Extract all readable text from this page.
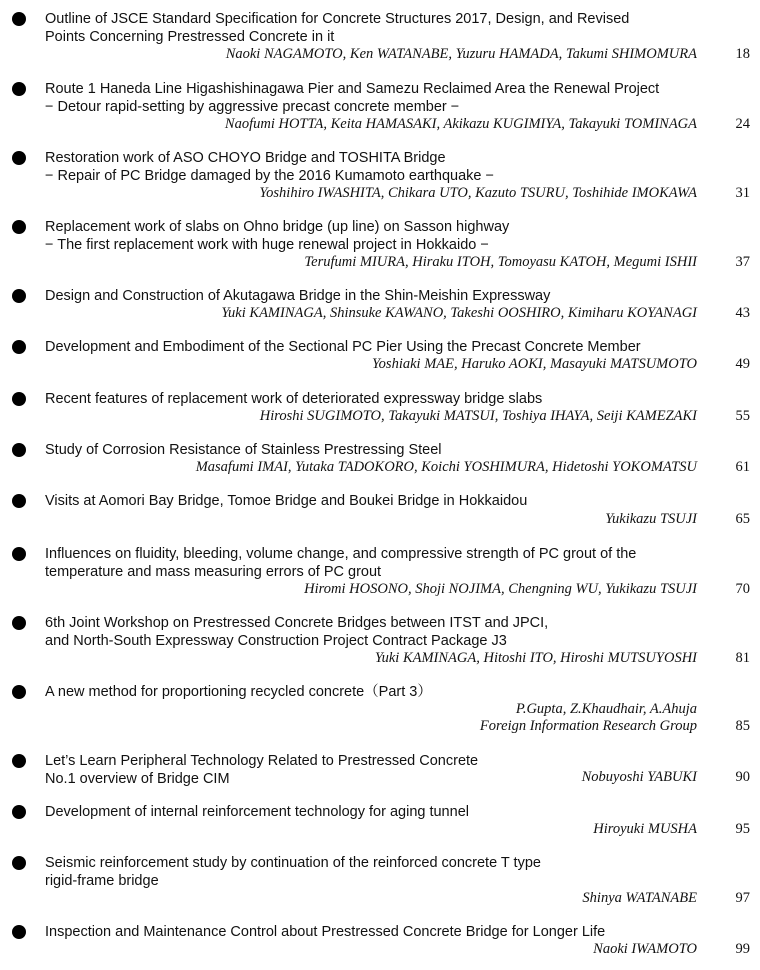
Outline of JSCE Standard Specification for Concrete Structures 2017, Design, and Revised
Points Concerning Prestressed Concrete in it
Naoki NAGAMOTO, Ken WATANABE, Yuzuru HAMADA, Takumi SHIMOMURA	18
Route 1 Haneda Line Higashishinagawa Pier and Samezu Reclaimed Area the Renewal Project
− Detour rapid-setting by aggressive precast concrete member −
Naofumi HOTTA, Keita HAMASAKI, Akikazu KUGIMIYA, Takayuki TOMINAGA	24
Restoration work of ASO CHOYO Bridge and TOSHITA Bridge
− Repair of PC Bridge damaged by the 2016 Kumamoto earthquake −
Yoshihiro IWASHITA, Chikara UTO, Kazuto TSURU, Toshihide IMOKAWA	31
Replacement work of slabs on Ohno bridge (up line) on Sasson highway
− The first replacement work with huge renewal project in Hokkaido −
Terufumi MIURA, Hiraku ITOH, Tomoyasu KATOH, Megumi ISHII	37
Design and Construction of Akutagawa Bridge in the Shin-Meishin Expressway
Yuki KAMINAGA, Shinsuke KAWANO, Takeshi OOSHIRO, Kimiharu KOYANAGI	43
Development and Embodiment of the Sectional PC Pier Using the Precast Concrete Member
Yoshiaki MAE, Haruko AOKI, Masayuki MATSUMOTO	49
Recent features of replacement work of deteriorated expressway bridge slabs
Hiroshi SUGIMOTO, Takayuki MATSUI, Toshiya IHAYA, Seiji KAMEZAKI	55
Study of Corrosion Resistance of Stainless Prestressing Steel
Masafumi IMAI, Yutaka TADOKORO, Koichi YOSHIMURA, Hidetoshi YOKOMATSU	61
Visits at Aomori Bay Bridge, Tomoe Bridge and Boukei Bridge in Hokkaidou
Yukikazu TSUJI	65
Influences on fluidity, bleeding, volume change, and compressive strength of PC grout of the
temperature and mass measuring errors of PC grout
Hiromi HOSONO, Shoji NOJIMA, Chengning WU, Yukikazu TSUJI	70
6th Joint Workshop on Prestressed Concrete Bridges between ITST and JPCI,
and North-South Expressway Construction Project Contract Package J3
Yuki KAMINAGA, Hitoshi ITO, Hiroshi MUTSUYOSHI	81
A new method for proportioning recycled concrete（Part 3）
P.Gupta, Z.Khaudhair, A.Ahuja
Foreign Information Research Group	85
Let’s Learn Peripheral Technology Related to Prestressed Concrete
No.1 overview of Bridge CIM	Nobuyoshi YABUKI	90
Development of internal reinforcement technology for aging tunnel
Hiroyuki MUSHA	95
Seismic reinforcement study by continuation of the reinforced concrete T type
rigid-frame bridge
Shinya WATANABE	97
Inspection and Maintenance Control about Prestressed Concrete Bridge for Longer Life
Naoki IWAMOTO	99
